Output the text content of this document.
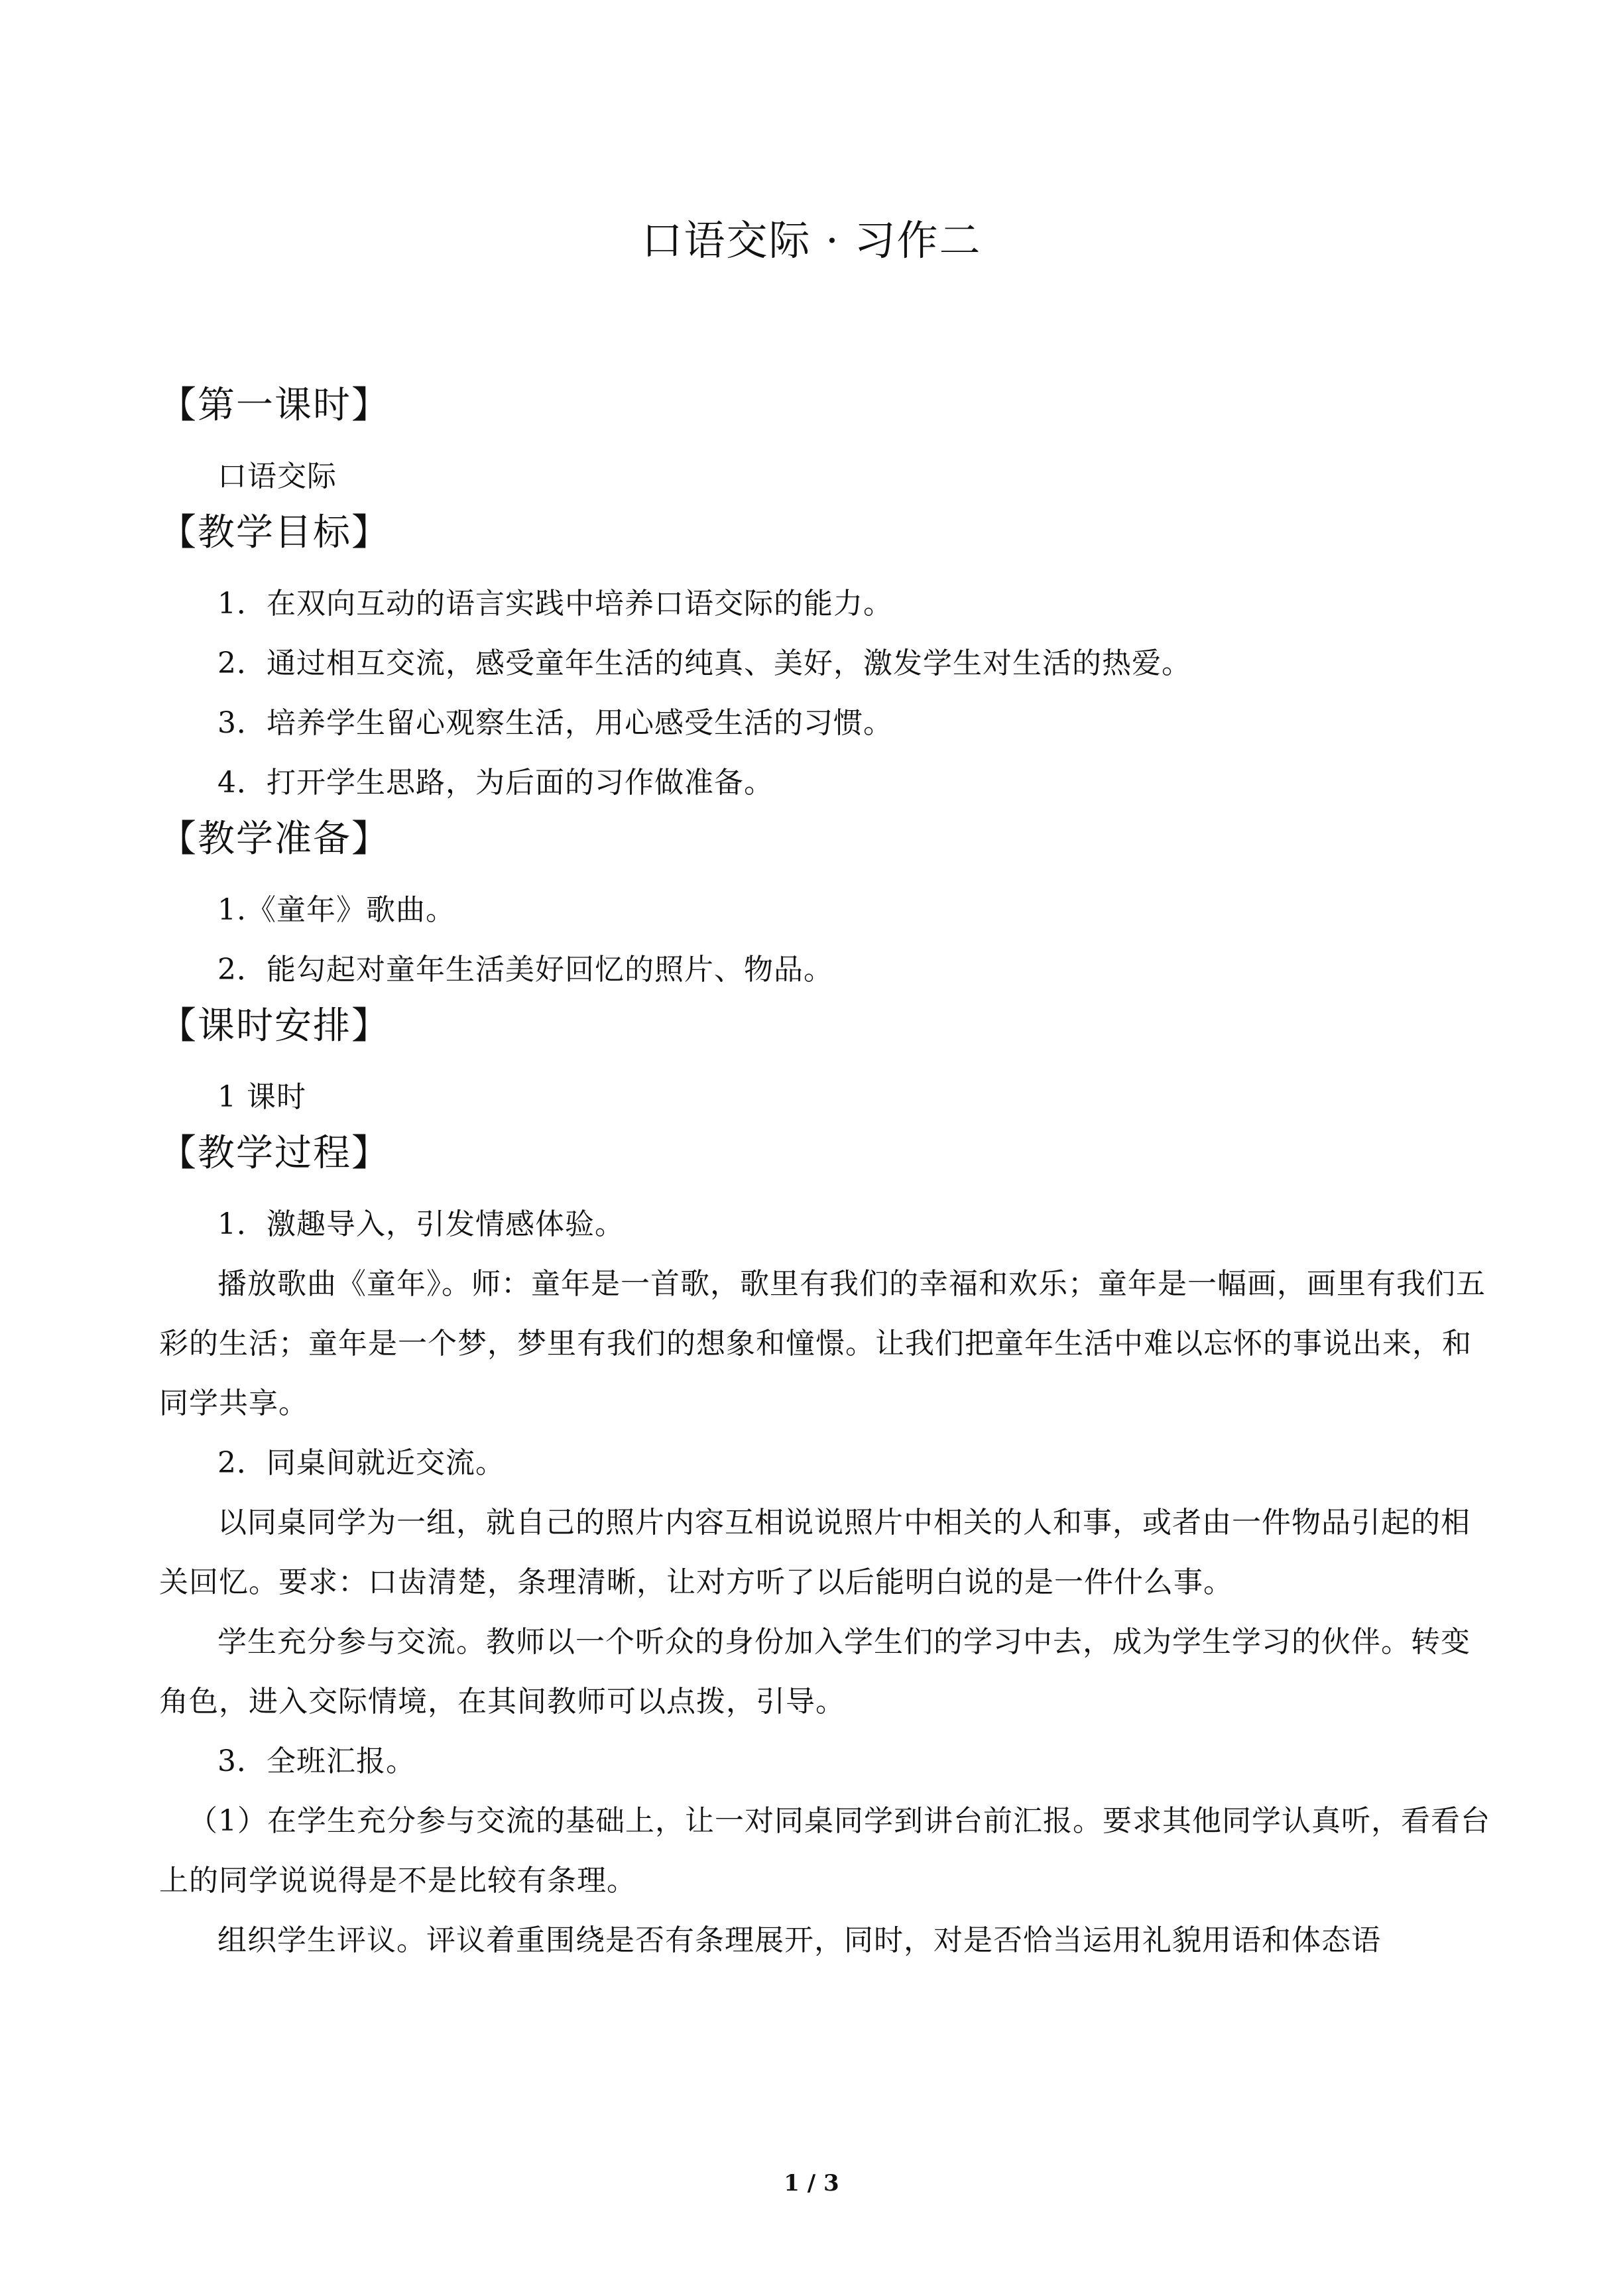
口语交际 · 习作二
【第一课时】

口语交际

【教学目标】

1．在双向互动的语言实践中培养口语交际的能力。

2．通过相互交流，感受童年生活的纯真、美好，激发学生对生活的热爱。

3．培养学生留心观察生活，用心感受生活的习惯。

4．打开学生思路，为后面的习作做准备。

【教学准备】

1.《童年》歌曲。

2．能勾起对童年生活美好回忆的照片、物品。

【课时安排】

1 课时

【教学过程】

1．激趣导入，引发情感体验。

播放歌曲《童年》。师：童年是一首歌，歌里有我们的幸福和欢乐；童年是一幅画，画里有我们五彩的生活；童年是一个梦，梦里有我们的想象和憧憬。让我们把童年生活中难以忘怀的事说出来，和同学共享。

2．同桌间就近交流。

以同桌同学为一组，就自己的照片内容互相说说照片中相关的人和事，或者由一件物品引起的相关回忆。要求：口齿清楚，条理清晰，让对方听了以后能明白说的是一件什么事。

学生充分参与交流。教师以一个听众的身份加入学生们的学习中去，成为学生学习的伙伴。转变角色，进入交际情境，在其间教师可以点拨，引导。

3．全班汇报。

（1）在学生充分参与交流的基础上，让一对同桌同学到讲台前汇报。要求其他同学认真听，看看台上的同学说说得是不是比较有条理。

组织学生评议。评议着重围绕是否有条理展开，同时，对是否恰当运用礼貌用语和体态语

1 / 3
